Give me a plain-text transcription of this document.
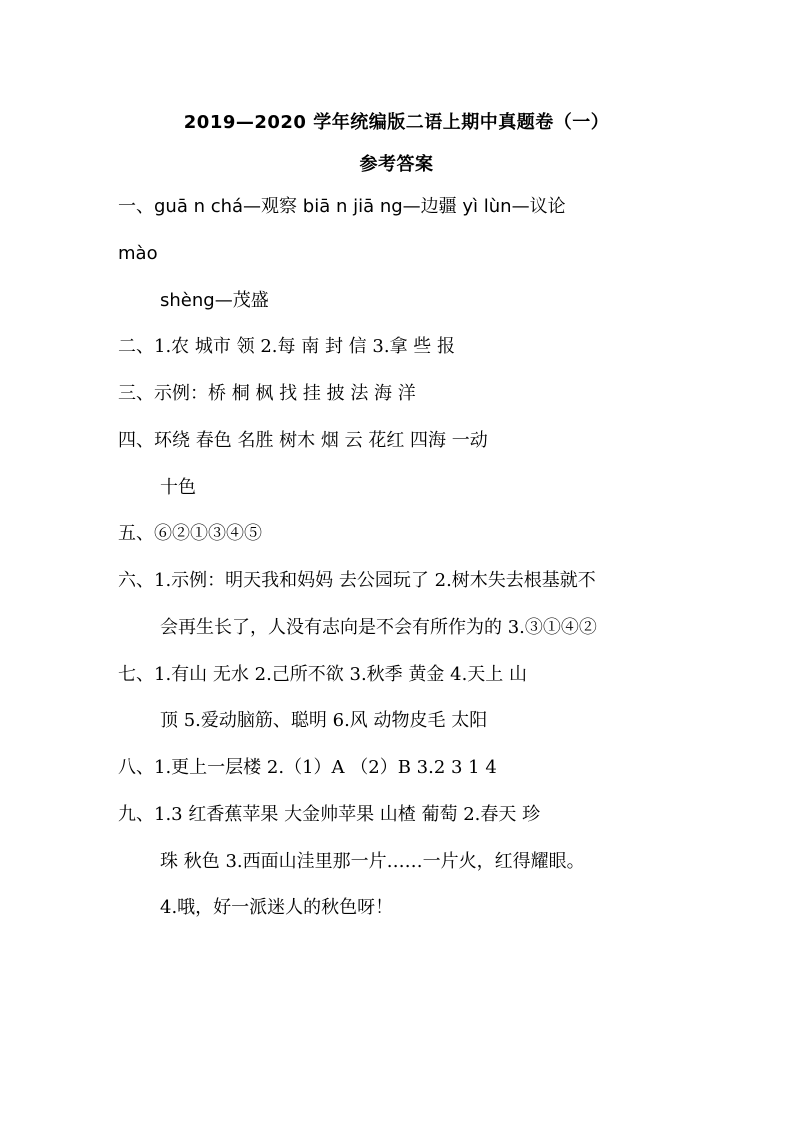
2019—2020 学年统编版二语上期中真题卷（一）
参考答案
一、guā n chá—观察 biā n jiā ng—边疆 yì lùn—议论
mào
shèng—茂盛
二、1.农 城市 领 2.每 南 封 信 3.拿 些 报
三、示例：桥 桐 枫 找 挂 披 法 海 洋
四、环绕 春色 名胜 树木 烟 云 花红 四海 一动
十色
五、⑥②①③④⑤
六、1.示例：明天我和妈妈 去公园玩了 2.树木失去根基就不
会再生长了，人没有志向是不会有所作为的 3.③①④②
七、1.有山 无水 2.己所不欲 3.秋季 黄金 4.天上 山
顶 5.爱动脑筋、聪明 6.风 动物皮毛 太阳
八、1.更上一层楼 2.（1）A （2）B 3.2 3 1 4
九、1.3 红香蕉苹果 大金帅苹果 山楂 葡萄 2.春天 珍
珠 秋色 3.西面山洼里那一片……一片火，红得耀眼。
4.哦，好一派迷人的秋色呀！
